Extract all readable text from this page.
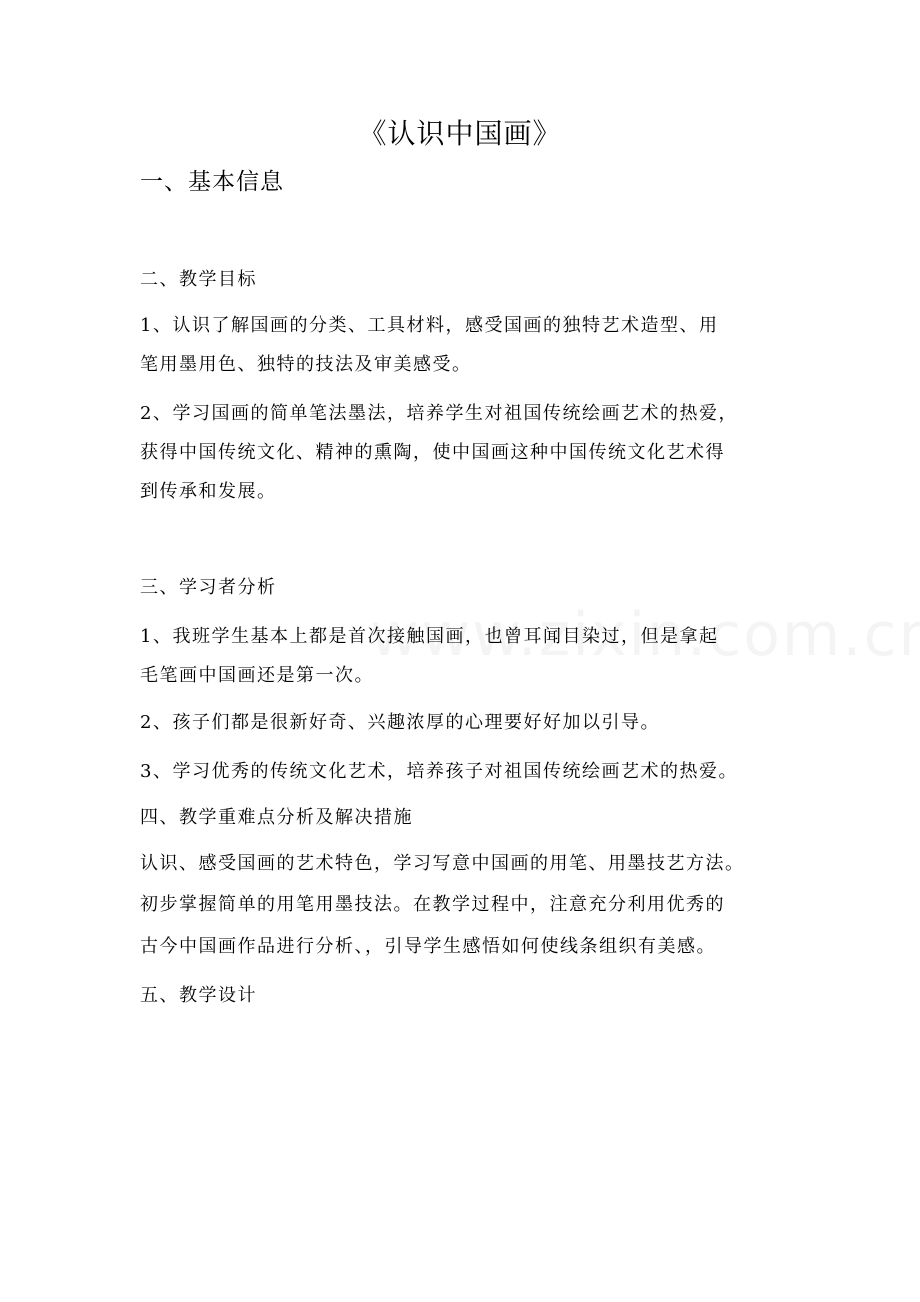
《认识中国画》
一、基本信息
二、教学目标
1、认识了解国画的分类、工具材料，感受国画的独特艺术造型、用
笔用墨用色、独特的技法及审美感受。
2、学习国画的简单笔法墨法，培养学生对祖国传统绘画艺术的热爱，
获得中国传统文化、精神的熏陶，使中国画这种中国传统文化艺术得
到传承和发展。
三、学习者分析
1、我班学生基本上都是首次接触国画，也曾耳闻目染过，但是拿起
毛笔画中国画还是第一次。
2、孩子们都是很新好奇、兴趣浓厚的心理要好好加以引导。
3、学习优秀的传统文化艺术，培养孩子对祖国传统绘画艺术的热爱。
四、教学重难点分析及解决措施
认识、感受国画的艺术特色，学习写意中国画的用笔、用墨技艺方法。
初步掌握简单的用笔用墨技法。在教学过程中，注意充分利用优秀的
古今中国画作品进行分析、，引导学生感悟如何使线条组织有美感。
五、教学设计
